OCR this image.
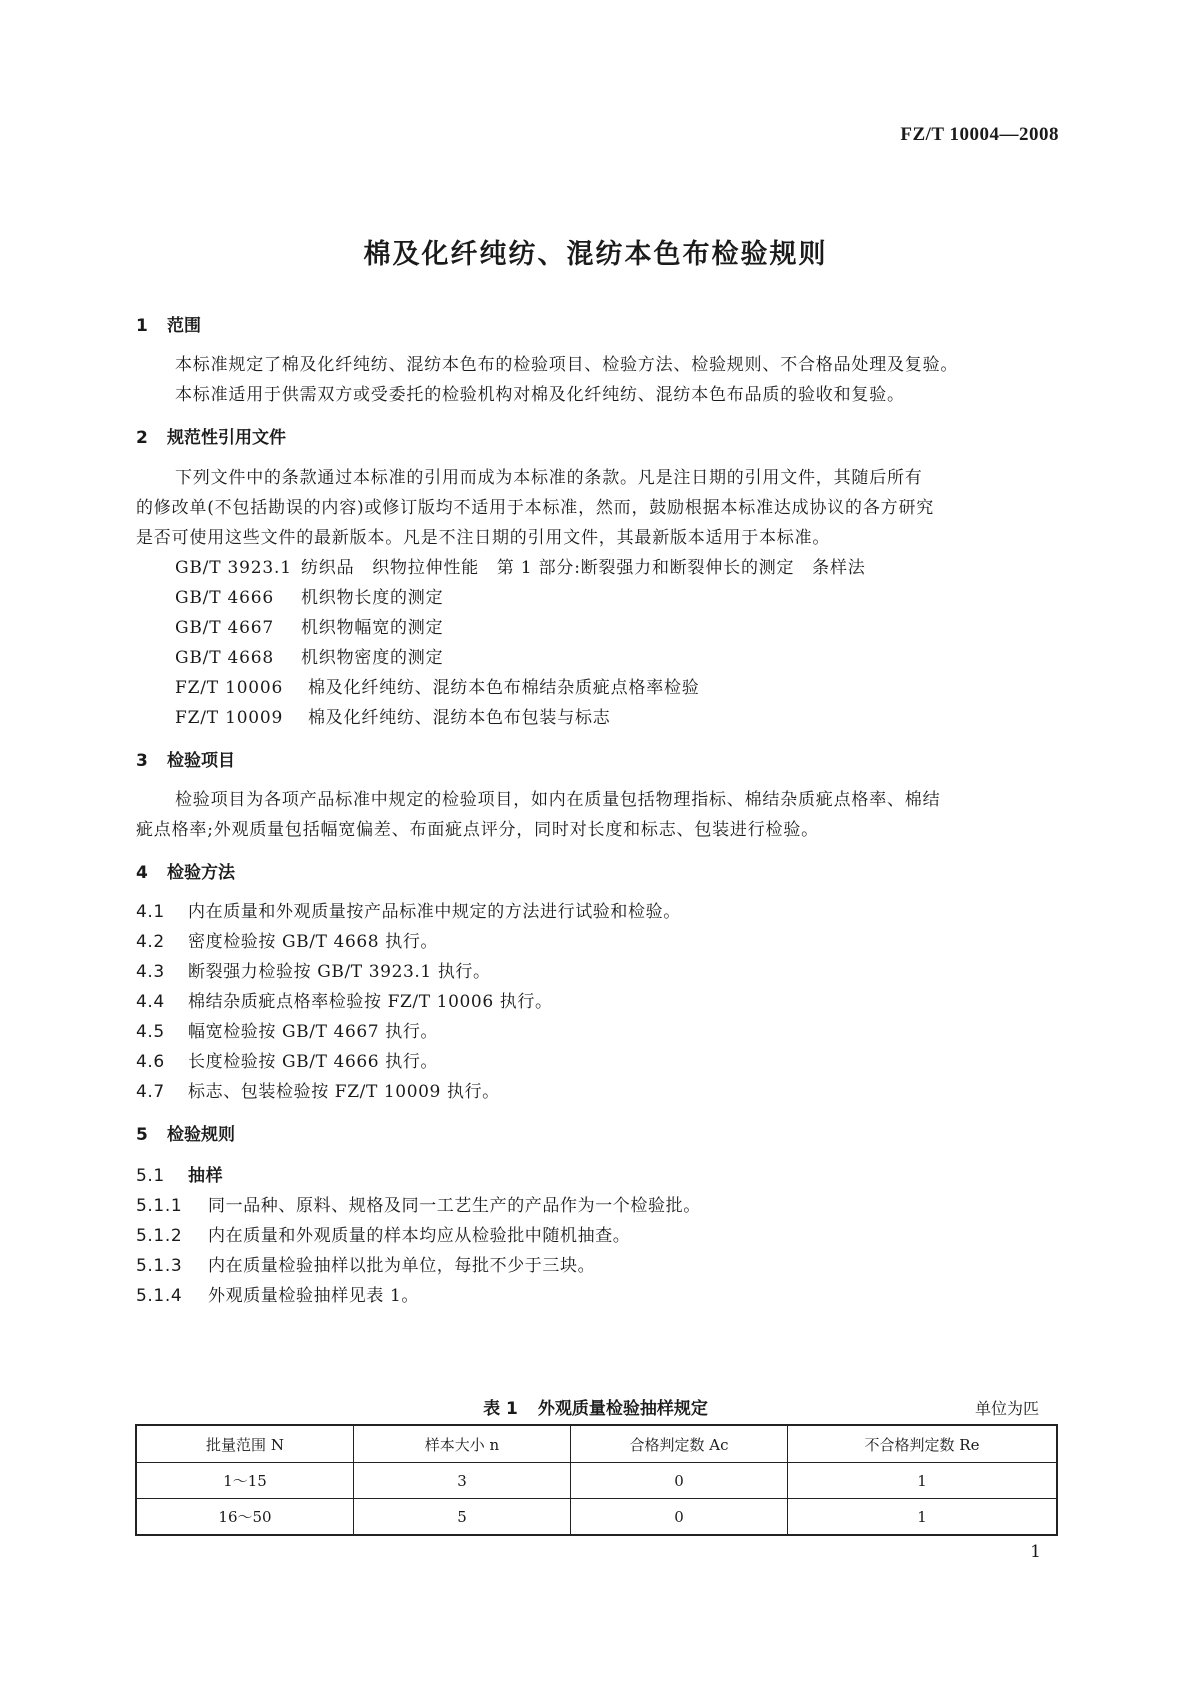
FZ/T 10004—2008
棉及化纤纯纺、混纺本色布检验规则
1 范围
本标准规定了棉及化纤纯纺、混纺本色布的检验项目、检验方法、检验规则、不合格品处理及复验。
本标准适用于供需双方或受委托的检验机构对棉及化纤纯纺、混纺本色布品质的验收和复验。
2 规范性引用文件
下列文件中的条款通过本标准的引用而成为本标准的条款。凡是注日期的引用文件，其随后所有
的修改单(不包括勘误的内容)或修订版均不适用于本标准，然而，鼓励根据本标准达成协议的各方研究
是否可使用这些文件的最新版本。凡是不注日期的引用文件，其最新版本适用于本标准。
GB/T 3923.1 纺织品　织物拉伸性能　第 1 部分:断裂强力和断裂伸长的测定　条样法
GB/T 4666 机织物长度的测定
GB/T 4667 机织物幅宽的测定
GB/T 4668 机织物密度的测定
FZ/T 10006 棉及化纤纯纺、混纺本色布棉结杂质疵点格率检验
FZ/T 10009 棉及化纤纯纺、混纺本色布包装与标志
3 检验项目
检验项目为各项产品标准中规定的检验项目，如内在质量包括物理指标、棉结杂质疵点格率、棉结
疵点格率;外观质量包括幅宽偏差、布面疵点评分，同时对长度和标志、包装进行检验。
4 检验方法
4.1 内在质量和外观质量按产品标准中规定的方法进行试验和检验。
4.2 密度检验按 GB/T 4668 执行。
4.3 断裂强力检验按 GB/T 3923.1 执行。
4.4 棉结杂质疵点格率检验按 FZ/T 10006 执行。
4.5 幅宽检验按 GB/T 4667 执行。
4.6 长度检验按 GB/T 4666 执行。
4.7 标志、包装检验按 FZ/T 10009 执行。
5 检验规则
5.1 抽样
5.1.1 同一品种、原料、规格及同一工艺生产的产品作为一个检验批。
5.1.2 内在质量和外观质量的样本均应从检验批中随机抽查。
5.1.3 内在质量检验抽样以批为单位，每批不少于三块。
5.1.4 外观质量检验抽样见表 1。
表 1 外观质量检验抽样规定	单位为匹
批量范围 N	样本大小 n	合格判定数 Ac	不合格判定数 Re
1～15	3	0	1
16～50	5	0	1
1
